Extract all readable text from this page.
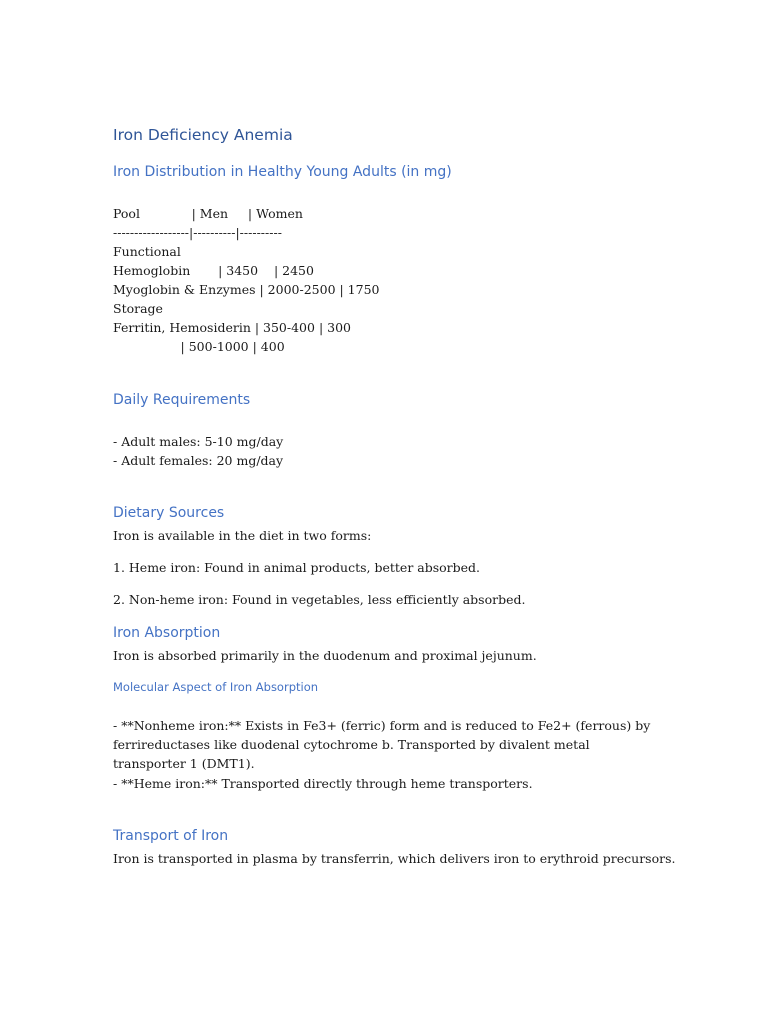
Iron Deficiency Anemia
Iron Distribution in Healthy Young Adults (in mg)

Pool             | Men     | Women

------------------|----------|----------

Functional

Hemoglobin       | 3450    | 2450

Myoglobin & Enzymes | 2000-2500 | 1750

Storage

Ferritin, Hemosiderin | 350-400 | 300

| 500-1000 | 400

Daily Requirements

- Adult males: 5-10 mg/day

- Adult females: 20 mg/day

Dietary Sources

Iron is available in the diet in two forms:

1. Heme iron: Found in animal products, better absorbed.

2. Non-heme iron: Found in vegetables, less efficiently absorbed.

Iron Absorption

Iron is absorbed primarily in the duodenum and proximal jejunum.

Molecular Aspect of Iron Absorption

- **Nonheme iron:** Exists in Fe3+ (ferric) form and is reduced to Fe2+ (ferrous) by ferrireductases like duodenal cytochrome b. Transported by divalent metal transporter 1 (DMT1).

- **Heme iron:** Transported directly through heme transporters.

Transport of Iron

Iron is transported in plasma by transferrin, which delivers iron to erythroid precursors.
